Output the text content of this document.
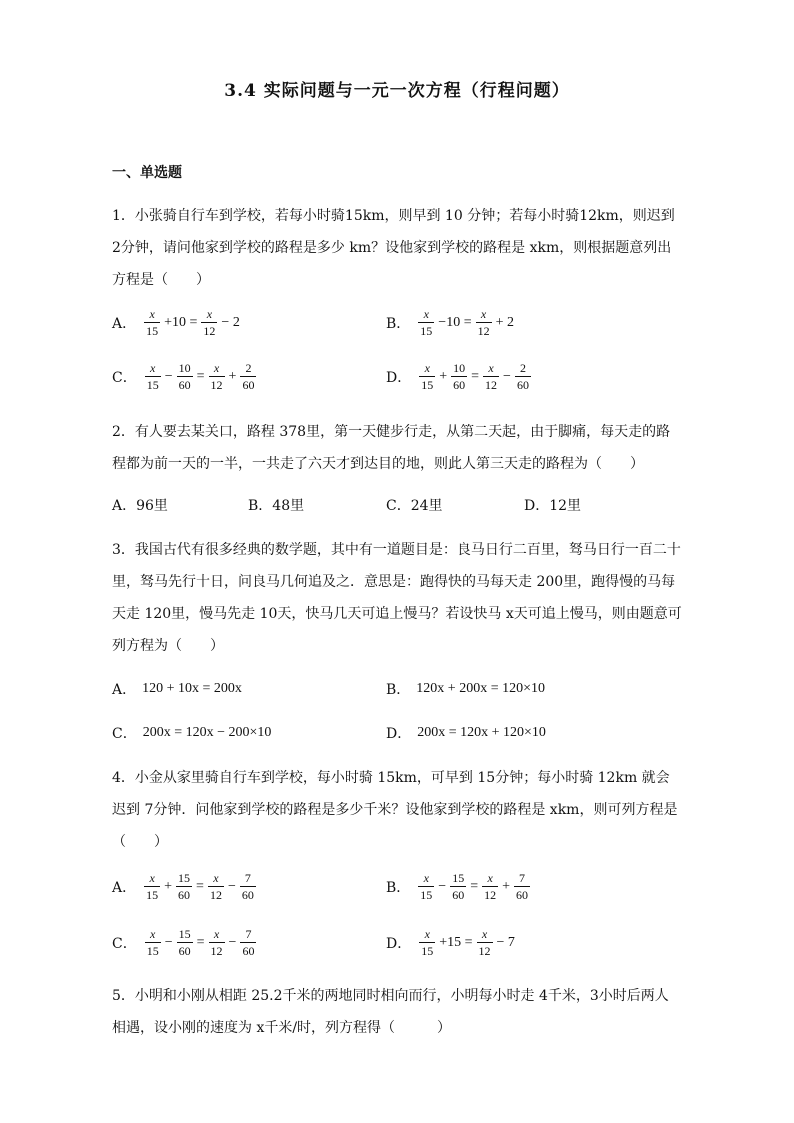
3.4 实际问题与一元一次方程（行程问题）
一、单选题
1．小张骑自行车到学校，若每小时骑15km，则早到 10 分钟；若每小时骑12km，则迟到 2分钟，请问他家到学校的路程是多少 km？设他家到学校的路程是 xkm，则根据题意列出方程是（　　）
A． $\frac{x}{15} +10 = \frac{x}{12} - 2$	B． $\frac{x}{15} -10 = \frac{x}{12} + 2$
C． $\frac{x}{15} - \frac{10}{60} = \frac{x}{12} + \frac{2}{60}$	D． $\frac{x}{15} + \frac{10}{60} = \frac{x}{12} - \frac{2}{60}$
2．有人要去某关口，路程 378里，第一天健步行走，从第二天起，由于脚痛，每天走的路程都为前一天的一半，一共走了六天才到达目的地，则此人第三天走的路程为（　　）
A．96里	B．48里	C．24里	D．12里
3．我国古代有很多经典的数学题，其中有一道题目是：良马日行二百里，驽马日行一百二十里，驽马先行十日，问良马几何追及之．意思是：跑得快的马每天走 200里，跑得慢的马每天走 120里，慢马先走 10天，快马几天可追上慢马？若设快马 x天可追上慢马，则由题意可列方程为（　　）
A． 120 + 10x = 200x	B． 120x + 200x = 120×10
C． 200x = 120x − 200×10	D． 200x = 120x + 120×10
4．小金从家里骑自行车到学校，每小时骑 15km，可早到 15分钟；每小时骑 12km 就会迟到 7分钟．问他家到学校的路程是多少千米？设他家到学校的路程是 xkm，则可列方程是（　　）
A． $\frac{x}{15} + \frac{15}{60} = \frac{x}{12} - \frac{7}{60}$	B． $\frac{x}{15} - \frac{15}{60} = \frac{x}{12} + \frac{7}{60}$
C． $\frac{x}{15} - \frac{15}{60} = \frac{x}{12} - \frac{7}{60}$	D． $\frac{x}{15} +15 = \frac{x}{12} - 7$
5．小明和小刚从相距 25.2千米的两地同时相向而行，小明每小时走 4千米，3小时后两人相遇，设小刚的速度为 x千米/时，列方程得（　　　）
